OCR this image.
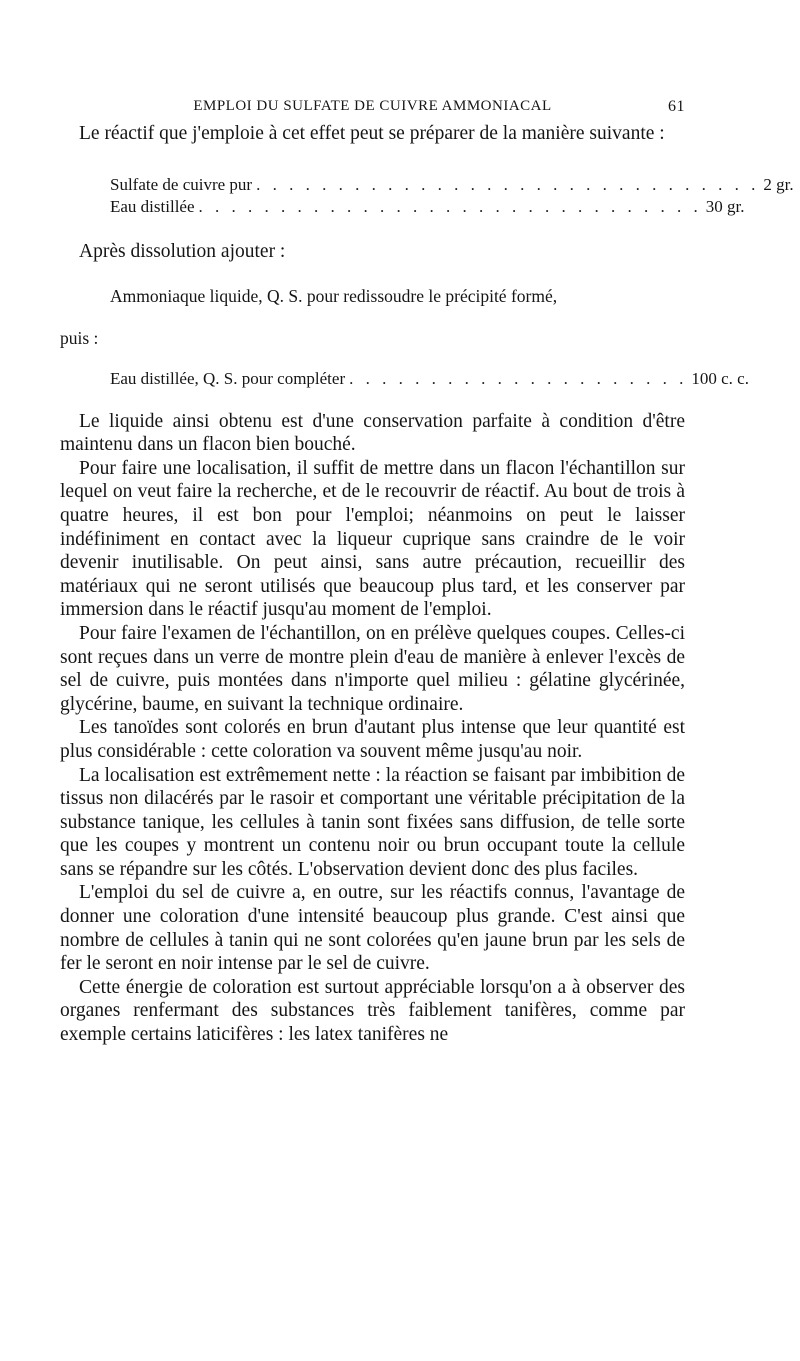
EMPLOI DU SULFATE DE CUIVRE AMMONIACAL	61

Le réactif que j'emploie à cet effet peut se préparer de la manière suivante :

Sulfate de cuivre pur . . . . . . . . . . . . . . . . . . . . . . . . . . . . . . . 2 gr.
Eau distillée . . . . . . . . . . . . . . . . . . . . . . . . . . . . . . . 30 gr.
Après dissolution ajouter :
Ammoniaque liquide, Q. S. pour redissoudre le précipité formé,
puis :
Eau distillée, Q. S. pour compléter . . . . . . . . . . . . . . . . . . . . . 100 c. c.

Le liquide ainsi obtenu est d'une conservation parfaite à condition d'être maintenu dans un flacon bien bouché.

Pour faire une localisation, il suffit de mettre dans un flacon l'échantillon sur lequel on veut faire la recherche, et de le recouvrir de réactif. Au bout de trois à quatre heures, il est bon pour l'emploi; néanmoins on peut le laisser indéfiniment en contact avec la liqueur cuprique sans craindre de le voir devenir inutilisable. On peut ainsi, sans autre précaution, recueillir des matériaux qui ne seront utilisés que beaucoup plus tard, et les conserver par immersion dans le réactif jusqu'au moment de l'emploi.

Pour faire l'examen de l'échantillon, on en prélève quelques coupes. Celles-ci sont reçues dans un verre de montre plein d'eau de manière à enlever l'excès de sel de cuivre, puis montées dans n'importe quel milieu : gélatine glycérinée, glycérine, baume, en suivant la technique ordinaire.

Les tanoïdes sont colorés en brun d'autant plus intense que leur quantité est plus considérable : cette coloration va souvent même jusqu'au noir.

La localisation est extrêmement nette : la réaction se faisant par imbibition de tissus non dilacérés par le rasoir et comportant une véritable précipitation de la substance tanique, les cellules à tanin sont fixées sans diffusion, de telle sorte que les coupes y montrent un contenu noir ou brun occupant toute la cellule sans se répandre sur les côtés. L'observation devient donc des plus faciles.

L'emploi du sel de cuivre a, en outre, sur les réactifs connus, l'avantage de donner une coloration d'une intensité beaucoup plus grande. C'est ainsi que nombre de cellules à tanin qui ne sont colorées qu'en jaune brun par les sels de fer le seront en noir intense par le sel de cuivre.

Cette énergie de coloration est surtout appréciable lorsqu'on a à observer des organes renfermant des substances très faiblement tanifères, comme par exemple certains laticifères : les latex tanifères ne
